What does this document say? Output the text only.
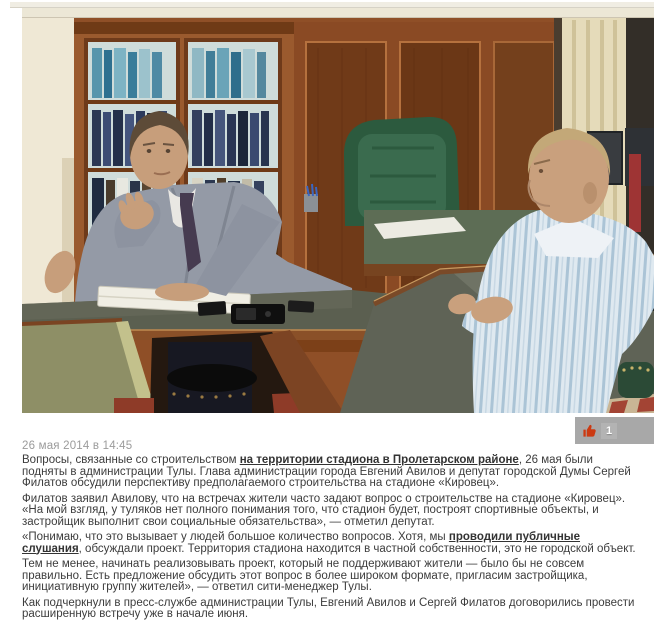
1
26 мая 2014 в 14:45

Вопросы, связанные со строительством на территории стадиона в Пролетарском районе, 26 мая были подняты в администрации Тулы. Глава администрации города Евгений Авилов и депутат городской Думы Сергей Филатов обсудили перспективу предполагаемого строительства на стадионе «Кировец».

Филатов заявил Авилову, что на встречах жители часто задают вопрос о строительстве на стадионе «Кировец». «На мой взгляд, у туляков нет полного понимания того, что стадион будет, построят спортивные объекты, и застройщик выполнит свои социальные обязательства», — отметил депутат.

«Понимаю, что это вызывает у людей большое количество вопросов. Хотя, мы проводили публичные слушания, обсуждали проект. Территория стадиона находится в частной собственности, это не городской объект.

Тем не менее, начинать реализовывать проект, который не поддерживают жители — было бы не совсем правильно. Есть предложение обсудить этот вопрос в более широком формате, пригласим застройщика, инициативную группу жителей», — ответил сити-менеджер Тулы.

Как подчеркнули в пресс-службе администрации Тулы, Евгений Авилов и Сергей Филатов договорились провести расширенную встречу уже в начале июня.
